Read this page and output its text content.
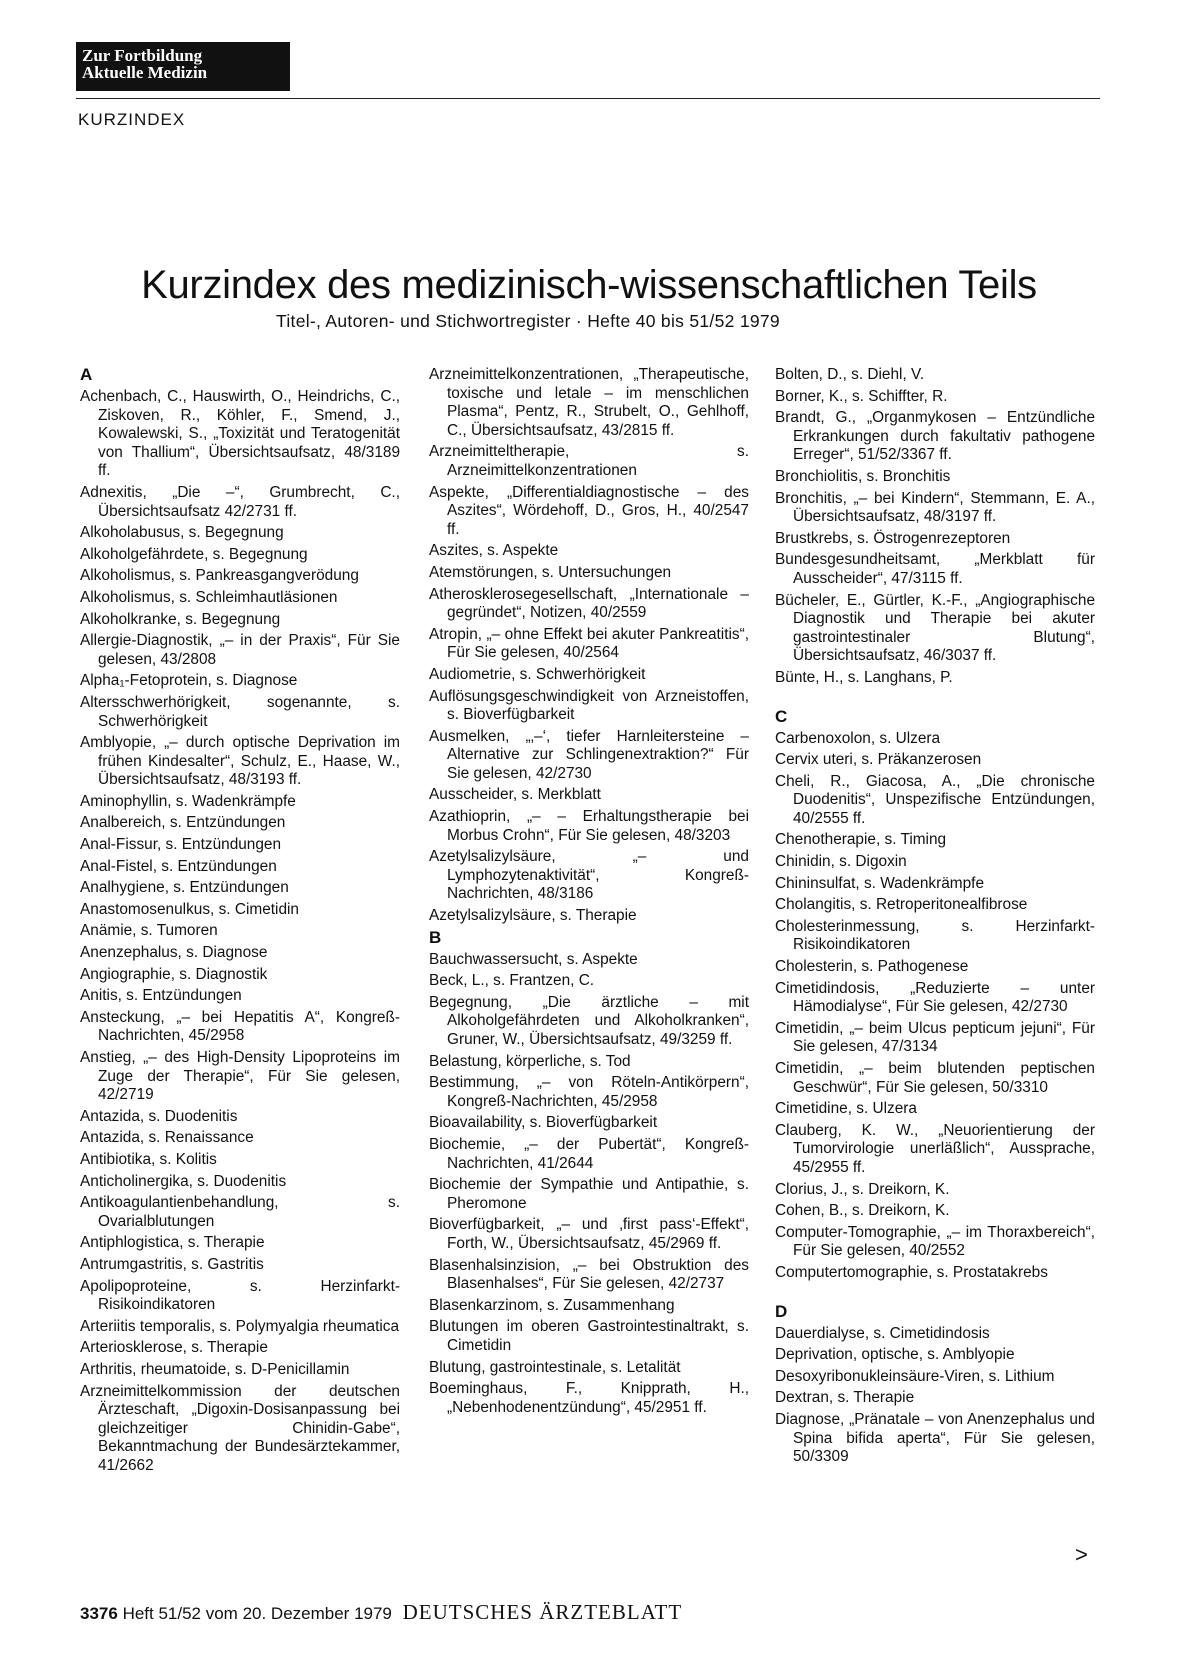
Zur Fortbildung
Aktuelle Medizin
KURZINDEX
Kurzindex des medizinisch-wissenschaftlichen Teils
Titel-, Autoren- und Stichwortregister · Hefte 40 bis 51/52 1979
A
Achenbach, C., Hauswirth, O., Heindrichs, C., Ziskoven, R., Köhler, F., Smend, J., Kowalewski, S., „Toxizität und Teratogenität von Thallium“, Übersichtsaufsatz, 48/3189 ff.
Adnexitis, „Die –“, Grumbrecht, C., Übersichtsaufsatz 42/2731 ff.
Alkoholabusus, s. Begegnung
Alkoholgefährdete, s. Begegnung
Alkoholismus, s. Pankreasgangverödung
Alkoholismus, s. Schleimhautläsionen
Alkoholkranke, s. Begegnung
Allergie-Diagnostik, „– in der Praxis“, Für Sie gelesen, 43/2808
Alpha₁-Fetoprotein, s. Diagnose
Altersschwerhörigkeit, sogenannte, s. Schwerhörigkeit
Amblyopie, „– durch optische Deprivation im frühen Kindesalter“, Schulz, E., Haase, W., Übersichtsaufsatz, 48/3193 ff.
Aminophyllin, s. Wadenkrämpfe
Analbereich, s. Entzündungen
Anal-Fissur, s. Entzündungen
Anal-Fistel, s. Entzündungen
Analhygiene, s. Entzündungen
Anastomosenulkus, s. Cimetidin
Anämie, s. Tumoren
Anenzephalus, s. Diagnose
Angiographie, s. Diagnostik
Anitis, s. Entzündungen
Ansteckung, „– bei Hepatitis A“, Kongreß-Nachrichten, 45/2958
Anstieg, „– des High-Density Lipoproteins im Zuge der Therapie“, Für Sie gelesen, 42/2719
Antazida, s. Duodenitis
Antazida, s. Renaissance
Antibiotika, s. Kolitis
Anticholinergika, s. Duodenitis
Antikoagulantienbehandlung, s. Ovarialblutungen
Antiphlogistica, s. Therapie
Antrumgastritis, s. Gastritis
Apolipoproteine, s. Herzinfarkt-Risikoindikatoren
Arteriitis temporalis, s. Polymyalgia rheumatica
Arteriosklerose, s. Therapie
Arthritis, rheumatoide, s. D-Penicillamin
Arzneimittelkommission der deutschen Ärzteschaft, „Digoxin-Dosisanpassung bei gleichzeitiger Chinidin-Gabe“, Bekanntmachung der Bundesärztekammer, 41/2662
Arzneimittelkonzentrationen, „Therapeutische, toxische und letale – im menschlichen Plasma“, Pentz, R., Strubelt, O., Gehlhoff, C., Übersichtsaufsatz, 43/2815 ff.
Arzneimitteltherapie, s. Arzneimittelkonzentrationen
Aspekte, „Differentialdiagnostische – des Aszites“, Wördehoff, D., Gros, H., 40/2547 ff.
Aszites, s. Aspekte
Atemstörungen, s. Untersuchungen
Atherosklerosegesellschaft, „Internationale – gegründet“, Notizen, 40/2559
Atropin, „– ohne Effekt bei akuter Pankreatitis“, Für Sie gelesen, 40/2564
Audiometrie, s. Schwerhörigkeit
Auflösungsgeschwindigkeit von Arzneistoffen, s. Bioverfügbarkeit
Ausmelken, „‚–‘, tiefer Harnleitersteine – Alternative zur Schlingenextraktion?“ Für Sie gelesen, 42/2730
Ausscheider, s. Merkblatt
Azathioprin, „– – Erhaltungstherapie bei Morbus Crohn“, Für Sie gelesen, 48/3203
Azetylsalizylsäure, „– und Lymphozytenaktivität“, Kongreß-Nachrichten, 48/3186
Azetylsalizylsäure, s. Therapie
B
Bauchwassersucht, s. Aspekte
Beck, L., s. Frantzen, C.
Begegnung, „Die ärztliche – mit Alkoholgefährdeten und Alkoholkranken“, Gruner, W., Übersichtsaufsatz, 49/3259 ff.
Belastung, körperliche, s. Tod
Bestimmung, „– von Röteln-Antikörpern“, Kongreß-Nachrichten, 45/2958
Bioavailability, s. Bioverfügbarkeit
Biochemie, „– der Pubertät“, Kongreß-Nachrichten, 41/2644
Biochemie der Sympathie und Antipathie, s. Pheromone
Bioverfügbarkeit, „– und ‚first pass‘-Effekt“, Forth, W., Übersichtsaufsatz, 45/2969 ff.
Blasenhalsinzision, „– bei Obstruktion des Blasenhalses“, Für Sie gelesen, 42/2737
Blasenkarzinom, s. Zusammenhang
Blutungen im oberen Gastrointestinaltrakt, s. Cimetidin
Blutung, gastrointestinale, s. Letalität
Boeminghaus, F., Knipprath, H., „Nebenhodenentzündung“, 45/2951 ff.
Bolten, D., s. Diehl, V.
Borner, K., s. Schiffter, R.
Brandt, G., „Organmykosen – Entzündliche Erkrankungen durch fakultativ pathogene Erreger“, 51/52/3367 ff.
Bronchiolitis, s. Bronchitis
Bronchitis, „– bei Kindern“, Stemmann, E. A., Übersichtsaufsatz, 48/3197 ff.
Brustkrebs, s. Östrogenrezeptoren
Bundesgesundheitsamt, „Merkblatt für Ausscheider“, 47/3115 ff.
Bücheler, E., Gürtler, K.-F., „Angiographische Diagnostik und Therapie bei akuter gastrointestinaler Blutung“, Übersichtsaufsatz, 46/3037 ff.
Bünte, H., s. Langhans, P.
C
Carbenoxolon, s. Ulzera
Cervix uteri, s. Präkanzerosen
Cheli, R., Giacosa, A., „Die chronische Duodenitis“, Unspezifische Entzündungen, 40/2555 ff.
Chenotherapie, s. Timing
Chinidin, s. Digoxin
Chininsulfat, s. Wadenkrämpfe
Cholangitis, s. Retroperitonealfibrose
Cholesterinmessung, s. Herzinfarkt-Risikoindikatoren
Cholesterin, s. Pathogenese
Cimetidindosis, „Reduzierte – unter Hämodialyse“, Für Sie gelesen, 42/2730
Cimetidin, „– beim Ulcus pepticum jejuni“, Für Sie gelesen, 47/3134
Cimetidin, „– beim blutenden peptischen Geschwür“, Für Sie gelesen, 50/3310
Cimetidine, s. Ulzera
Clauberg, K. W., „Neuorientierung der Tumorvirologie unerläßlich“, Aussprache, 45/2955 ff.
Clorius, J., s. Dreikorn, K.
Cohen, B., s. Dreikorn, K.
Computer-Tomographie, „– im Thoraxbereich“, Für Sie gelesen, 40/2552
Computertomographie, s. Prostatakrebs
D
Dauerdialyse, s. Cimetidindosis
Deprivation, optische, s. Amblyopie
Desoxyribonukleinsäure-Viren, s. Lithium
Dextran, s. Therapie
Diagnose, „Pränatale – von Anenzephalus und Spina bifida aperta“, Für Sie gelesen, 50/3309
>
3376 Heft 51/52 vom 20. Dezember 1979 DEUTSCHES ÄRZTEBLATT
